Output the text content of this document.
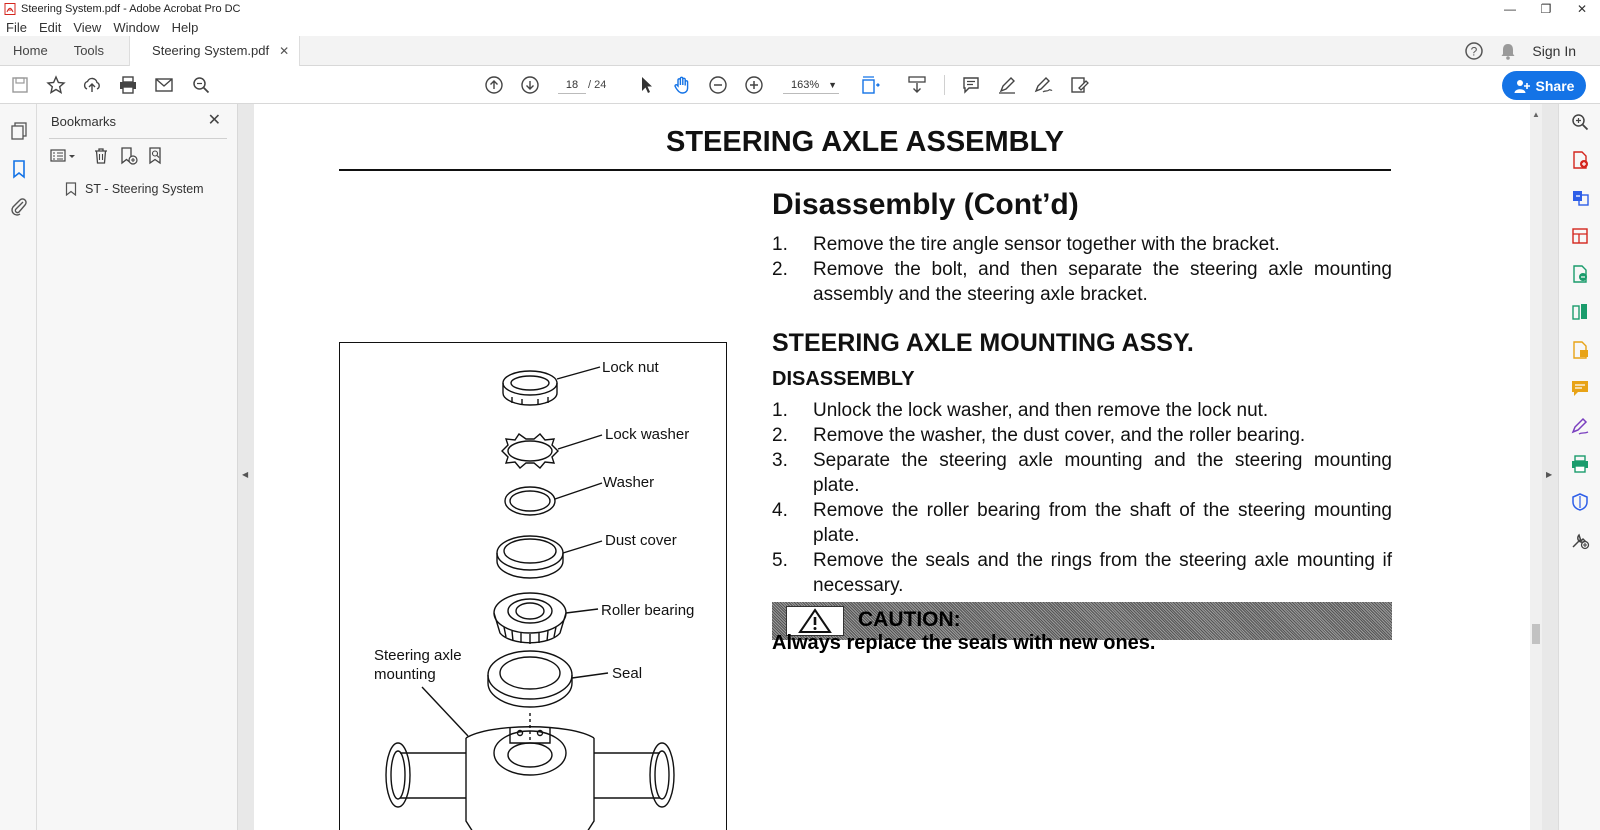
Steering System.pdf - Adobe Acrobat Pro DC	—	❐	✕
File Edit View Window Help
Home	Tools	Steering System.pdf ✕	?	Sign In
18 / 24	163% ▼	Share
Bookmarks	✕
ST - Steering System
◀
STEERING AXLE ASSEMBLY
Disassembly (Cont’d)
1.	Remove the tire angle sensor together with the bracket.
2.	Remove the bolt, and then separate the steering axle mounting assembly and the steering axle bracket.
STEERING AXLE MOUNTING ASSY.
DISASSEMBLY
1.	Unlock the lock washer, and then remove the lock nut.
2.	Remove the washer, the dust cover, and the roller bearing.
3.	Separate the steering axle mounting and the steering mounting plate.
4.	Remove the roller bearing from the shaft of the steering mounting plate.
5.	Remove the seals and the rings from the steering axle mounting if necessary.
CAUTION:
Always replace the seals with new ones.
Lock nut
Lock washer
Washer
Dust cover
Roller bearing
Seal
Steering axle
mounting
▲
▶
